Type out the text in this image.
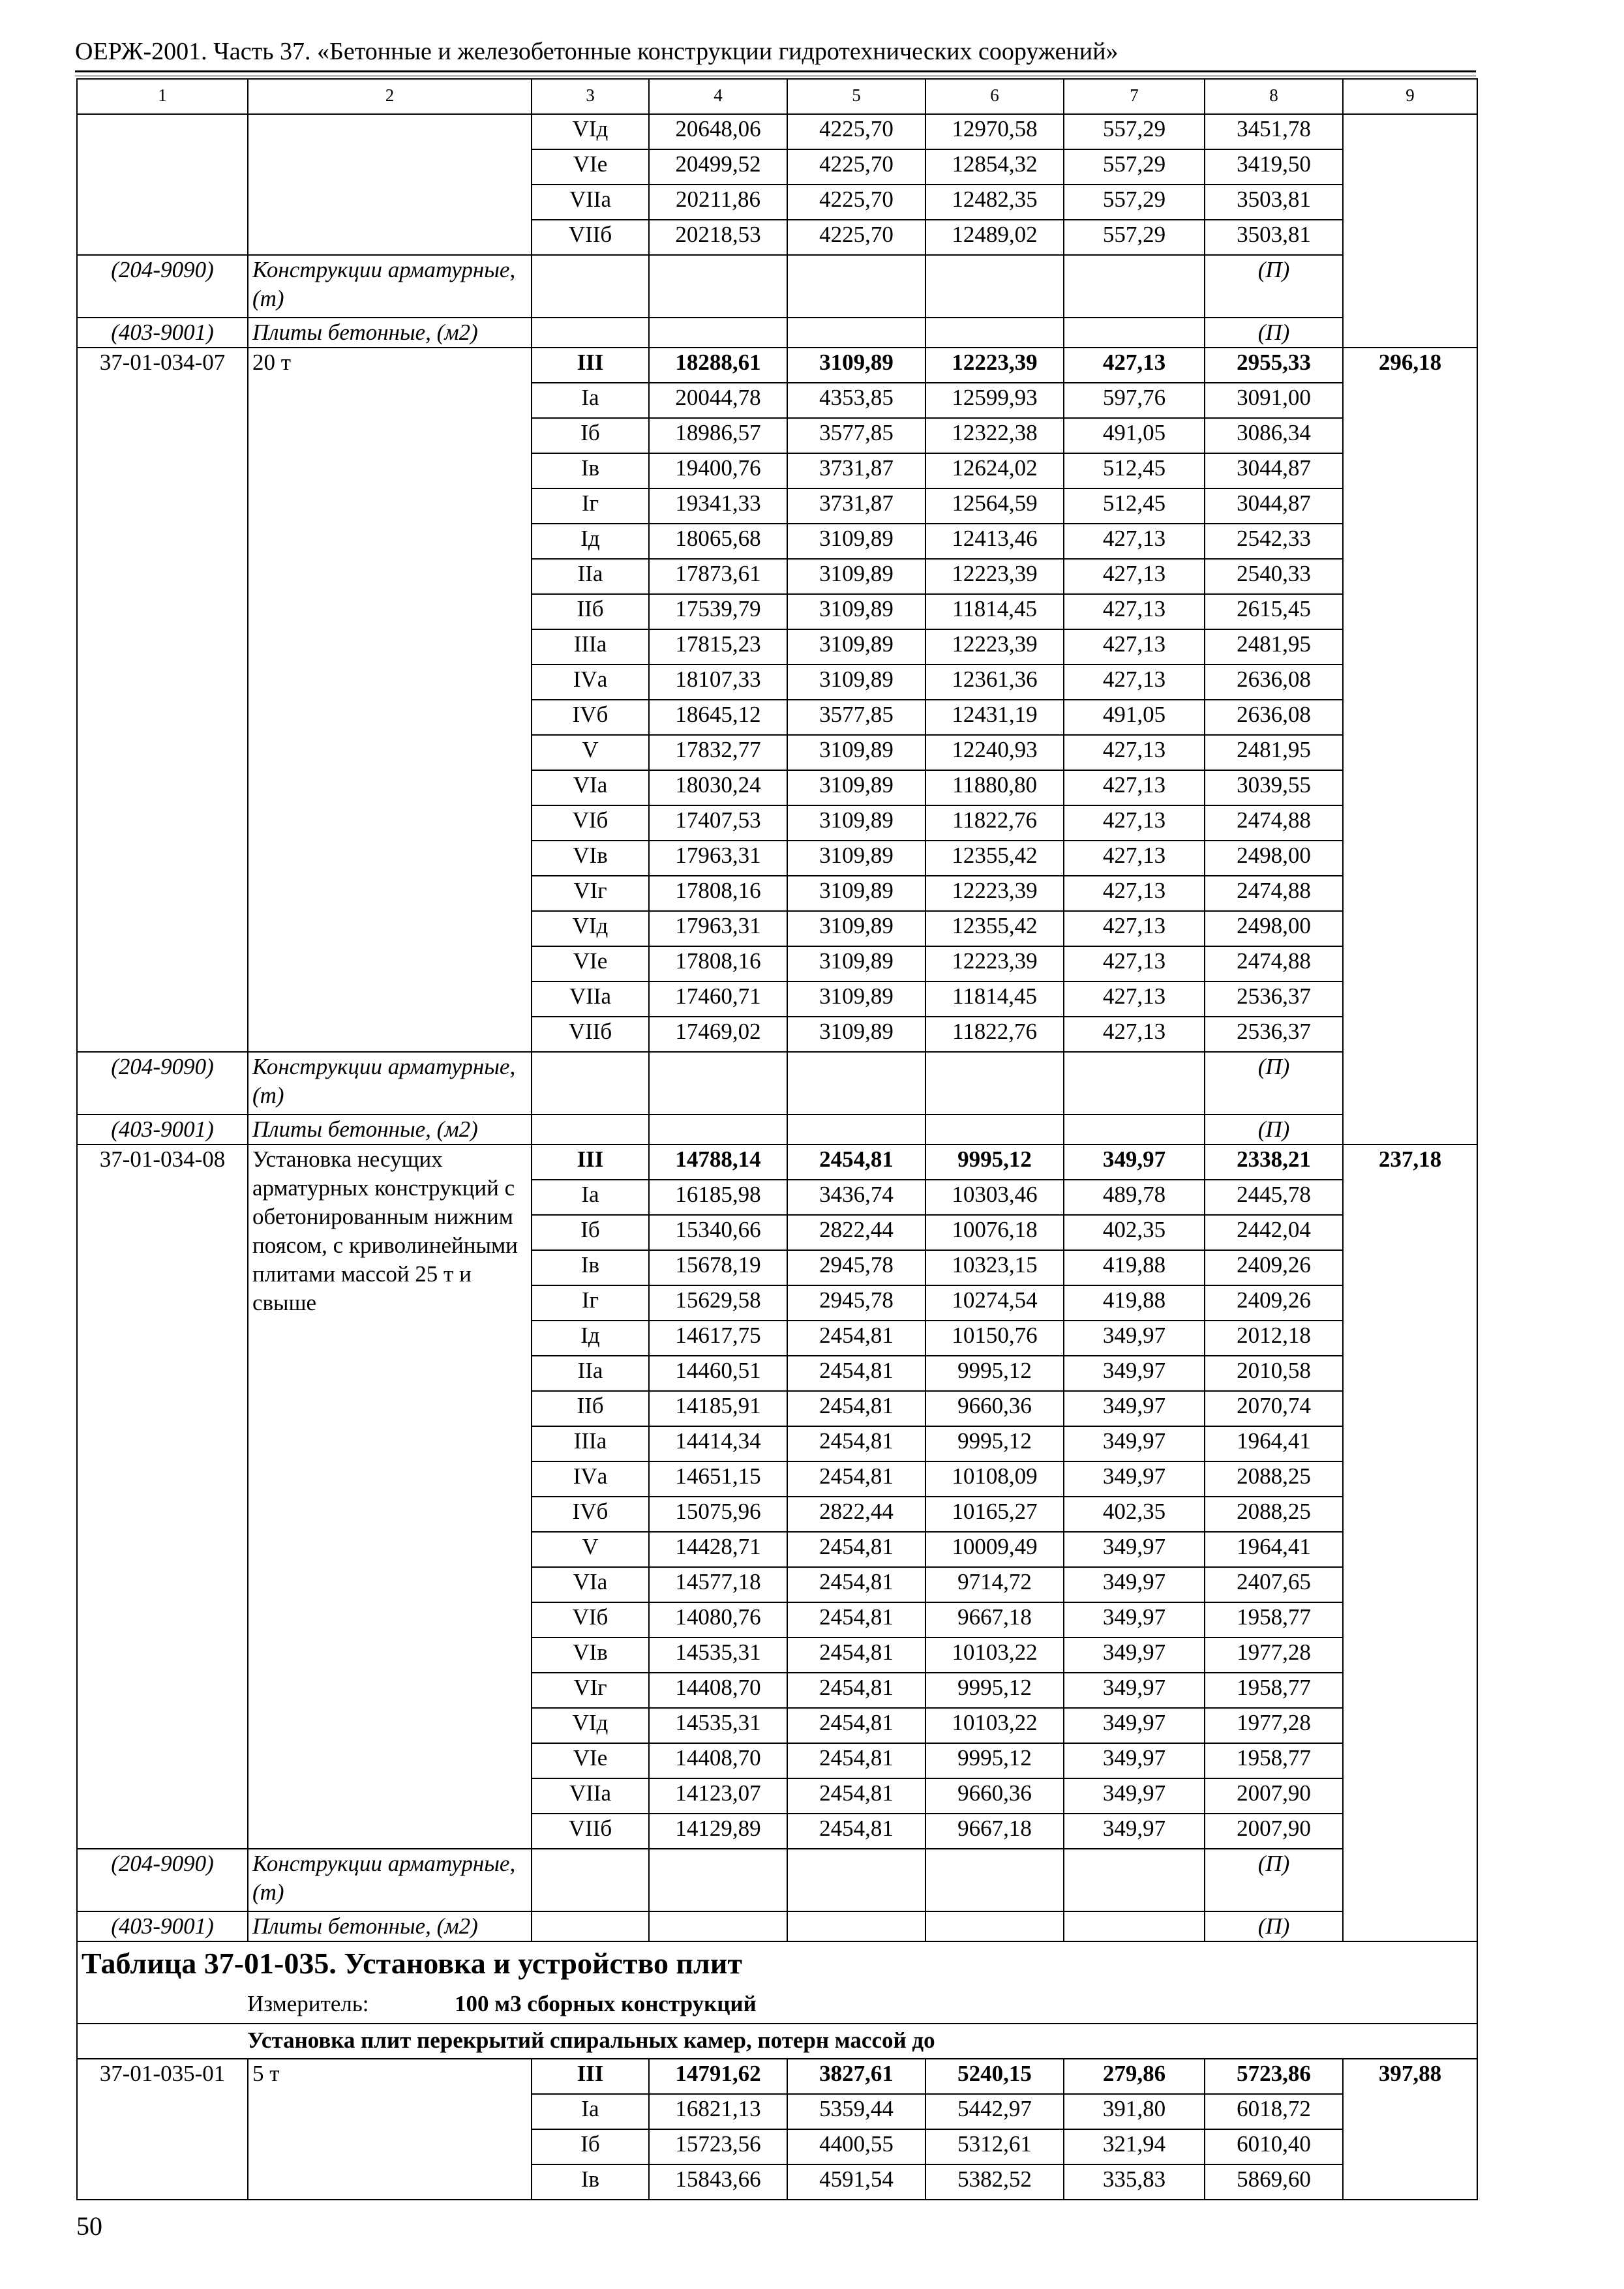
ОЕРЖ-2001. Часть 37. «Бетонные и железобетонные конструкции гидротехнических сооружений»
1	2	3	4	5	6	7	8	9
		VIд	20648,06	4225,70	12970,58	557,29	3451,78	
		VIе	20499,52	4225,70	12854,32	557,29	3419,50	
		VIIа	20211,86	4225,70	12482,35	557,29	3503,81	
		VIIб	20218,53	4225,70	12489,02	557,29	3503,81	
(204-9090)	Конструкции арматурные, (т)						(П)	
(403-9001)	Плиты бетонные, (м2)						(П)	

37-01-034-07	20 т	III	18288,61	3109,89	12223,39	427,13	2955,33	296,18
		Iа	20044,78	4353,85	12599,93	597,76	3091,00	
		Iб	18986,57	3577,85	12322,38	491,05	3086,34	
		Iв	19400,76	3731,87	12624,02	512,45	3044,87	
		Iг	19341,33	3731,87	12564,59	512,45	3044,87	
		Iд	18065,68	3109,89	12413,46	427,13	2542,33	
		IIа	17873,61	3109,89	12223,39	427,13	2540,33	
		IIб	17539,79	3109,89	11814,45	427,13	2615,45	
		IIIа	17815,23	3109,89	12223,39	427,13	2481,95	
		IVа	18107,33	3109,89	12361,36	427,13	2636,08	
		IVб	18645,12	3577,85	12431,19	491,05	2636,08	
		V	17832,77	3109,89	12240,93	427,13	2481,95	
		VIа	18030,24	3109,89	11880,80	427,13	3039,55	
		VIб	17407,53	3109,89	11822,76	427,13	2474,88	
		VIв	17963,31	3109,89	12355,42	427,13	2498,00	
		VIг	17808,16	3109,89	12223,39	427,13	2474,88	
		VIд	17963,31	3109,89	12355,42	427,13	2498,00	
		VIе	17808,16	3109,89	12223,39	427,13	2474,88	
		VIIа	17460,71	3109,89	11814,45	427,13	2536,37	
		VIIб	17469,02	3109,89	11822,76	427,13	2536,37	
(204-9090)	Конструкции арматурные, (т)						(П)	
(403-9001)	Плиты бетонные, (м2)						(П)	

37-01-034-08	Установка несущих арматурных конструкций с обетонированным нижним поясом, с криволинейными плитами массой 25 т и свыше	III	14788,14	2454,81	9995,12	349,97	2338,21	237,18
		Iа	16185,98	3436,74	10303,46	489,78	2445,78	
		Iб	15340,66	2822,44	10076,18	402,35	2442,04	
		Iв	15678,19	2945,78	10323,15	419,88	2409,26	
		Iг	15629,58	2945,78	10274,54	419,88	2409,26	
		Iд	14617,75	2454,81	10150,76	349,97	2012,18	
		IIа	14460,51	2454,81	9995,12	349,97	2010,58	
		IIб	14185,91	2454,81	9660,36	349,97	2070,74	
		IIIа	14414,34	2454,81	9995,12	349,97	1964,41	
		IVа	14651,15	2454,81	10108,09	349,97	2088,25	
		IVб	15075,96	2822,44	10165,27	402,35	2088,25	
		V	14428,71	2454,81	10009,49	349,97	1964,41	
		VIа	14577,18	2454,81	9714,72	349,97	2407,65	
		VIб	14080,76	2454,81	9667,18	349,97	1958,77	
		VIв	14535,31	2454,81	10103,22	349,97	1977,28	
		VIг	14408,70	2454,81	9995,12	349,97	1958,77	
		VIд	14535,31	2454,81	10103,22	349,97	1977,28	
		VIе	14408,70	2454,81	9995,12	349,97	1958,77	
		VIIа	14123,07	2454,81	9660,36	349,97	2007,90	
		VIIб	14129,89	2454,81	9667,18	349,97	2007,90	
(204-9090)	Конструкции арматурные, (т)						(П)	
(403-9001)	Плиты бетонные, (м2)						(П)	

Таблица 37-01-035. Установка и устройство плит
Измеритель: 100 м3 сборных конструкций								

Установка плит перекрытий спиральных камер, потерн массой до								

37-01-035-01	5 т	III	14791,62	3827,61	5240,15	279,86	5723,86	397,88
		Iа	16821,13	5359,44	5442,97	391,80	6018,72	
		Iб	15723,56	4400,55	5312,61	321,94	6010,40	
		Iв	15843,66	4591,54	5382,52	335,83	5869,60	
50
